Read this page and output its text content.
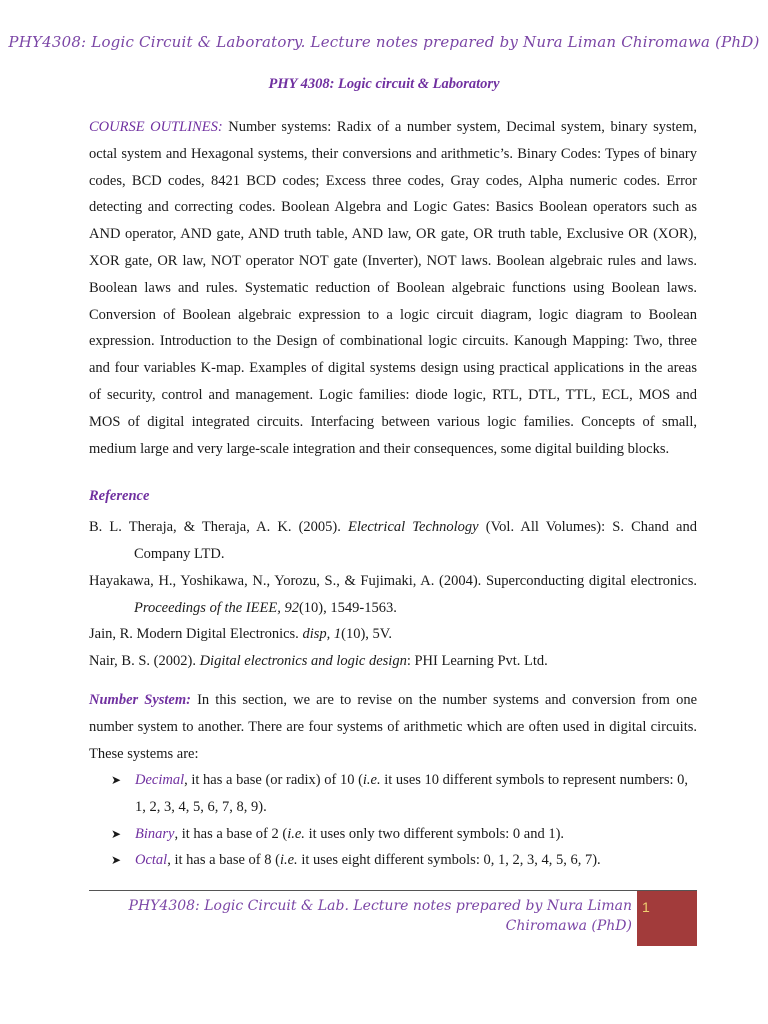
PHY4308: Logic Circuit & Laboratory. Lecture notes prepared by Nura Liman Chiromawa (PhD)
PHY 4308: Logic circuit & Laboratory
COURSE OUTLINES: Number systems: Radix of a number system, Decimal system, binary system, octal system and Hexagonal systems, their conversions and arithmetic’s. Binary Codes: Types of binary codes, BCD codes, 8421 BCD codes; Excess three codes, Gray codes, Alpha numeric codes. Error detecting and correcting codes. Boolean Algebra and Logic Gates: Basics Boolean operators such as AND operator, AND gate, AND truth table, AND law, OR gate, OR truth table, Exclusive OR (XOR), XOR gate, OR law, NOT operator NOT gate (Inverter), NOT laws. Boolean algebraic rules and laws. Boolean laws and rules. Systematic reduction of Boolean algebraic functions using Boolean laws. Conversion of Boolean algebraic expression to a logic circuit diagram, logic diagram to Boolean expression. Introduction to the Design of combinational logic circuits. Kanough Mapping: Two, three and four variables K-map. Examples of digital systems design using practical applications in the areas of security, control and management. Logic families: diode logic, RTL, DTL, TTL, ECL, MOS and MOS of digital integrated circuits. Interfacing between various logic families. Concepts of small, medium large and very large-scale integration and their consequences, some digital building blocks.
Reference
B. L. Theraja, & Theraja, A. K. (2005). Electrical Technology (Vol. All Volumes): S. Chand and Company LTD.
Hayakawa, H., Yoshikawa, N., Yorozu, S., & Fujimaki, A. (2004). Superconducting digital electronics. Proceedings of the IEEE, 92(10), 1549-1563.
Jain, R. Modern Digital Electronics. disp, 1(10), 5V.
Nair, B. S. (2002). Digital electronics and logic design: PHI Learning Pvt. Ltd.
Number System: In this section, we are to revise on the number systems and conversion from one number system to another. There are four systems of arithmetic which are often used in digital circuits. These systems are:
➤ Decimal, it has a base (or radix) of 10 (i.e. it uses 10 different symbols to represent numbers: 0, 1, 2, 3, 4, 5, 6, 7, 8, 9).
➤ Binary, it has a base of 2 (i.e. it uses only two different symbols: 0 and 1).
➤ Octal, it has a base of 8 (i.e. it uses eight different symbols: 0, 1, 2, 3, 4, 5, 6, 7).
PHY4308: Logic Circuit & Lab. Lecture notes prepared by Nura Liman Chiromawa (PhD)
1
